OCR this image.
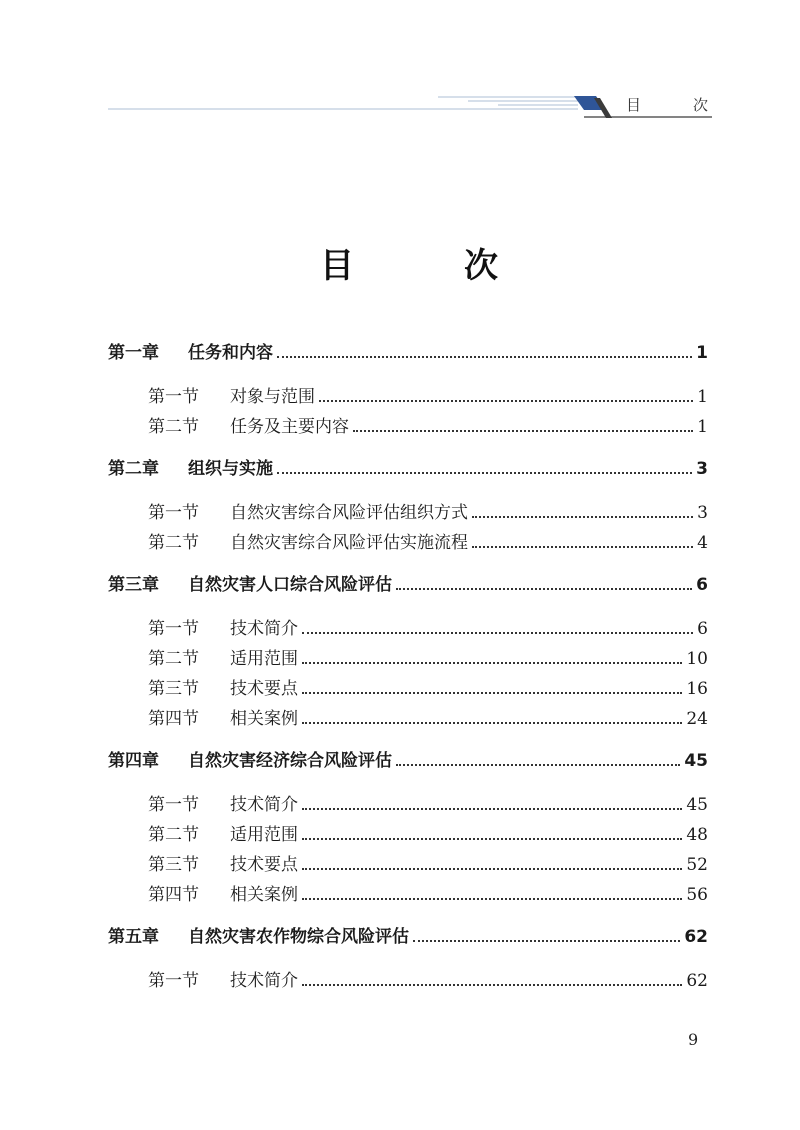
目	次
目	次
第一章	任务和内容	1
第一节	对象与范围	1
第二节	任务及主要内容	1
第二章	组织与实施	3
第一节	自然灾害综合风险评估组织方式	3
第二节	自然灾害综合风险评估实施流程	4
第三章	自然灾害人口综合风险评估	6
第一节	技术简介	6
第二节	适用范围	10
第三节	技术要点	16
第四节	相关案例	24
第四章	自然灾害经济综合风险评估	45
第一节	技术简介	45
第二节	适用范围	48
第三节	技术要点	52
第四节	相关案例	56
第五章	自然灾害农作物综合风险评估	62
第一节	技术简介	62
9
